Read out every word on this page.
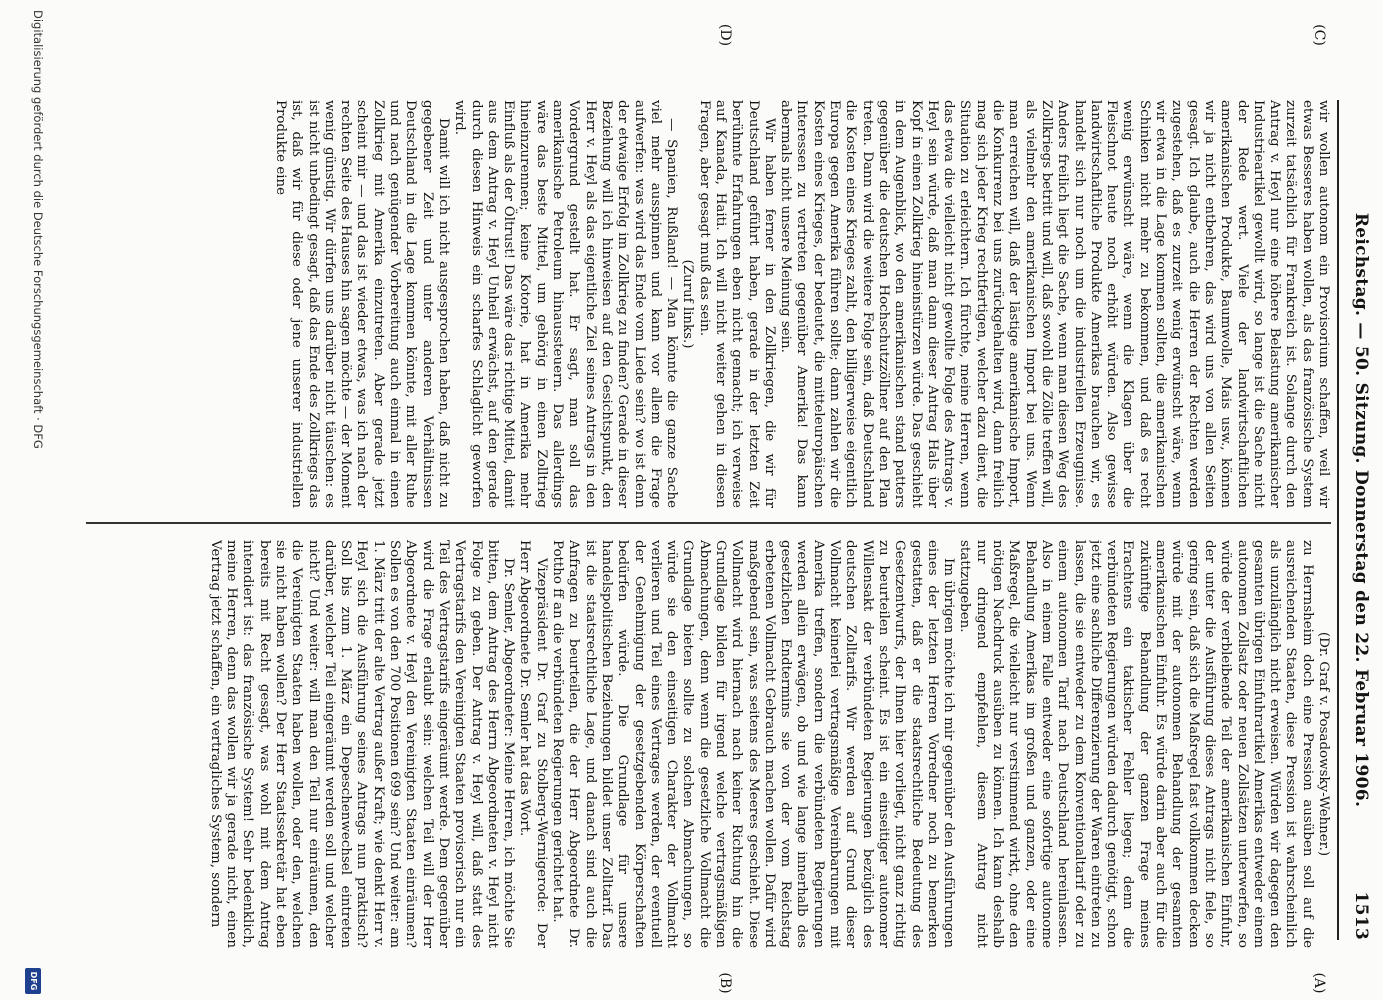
Reichstag. — 50. Sitzung. Donnerstag den 22. Februar 1906.
1513
(A)
(B)
(C)
(D)

(Dr. Graf v. Posadowsky-Wehner.)

zu Herrnsheim doch eine Pression ausüben soll auf die ausreichenden Staaten, diese Pression ist wahrscheinlich als unzulänglich nicht erweisen. Würden wir dagegen den gesamten übrigen Einfuhrartikel Amerikas entweder einem autonomen Zollsatz oder neuen Zollsätzen unterwerfen, so würde der verbleibende Teil der amerikanischen Einfuhr, der unter die Ausführung dieses Antrags nicht fiele, so gering sein, daß sich die Maßregel fast vollkommen decken würde mit der autonomen Behandlung der gesamten amerikanischen Einfuhr. Es würde darin aber auch für die zukünftige Behandlung der ganzen Frage meines Erachtens ein taktischer Fehler liegen; denn die verbündeten Regierungen würden dadurch genötigt, schon jetzt eine sachliche Differenzierung der Waren eintreten zu lassen, die sie entweder zu dem Konventionaltarif oder zu einem autonomen Tarif nach Deutschland hereinlassen. Also in einem Falle entweder eine sofortige autonome Behandlung Amerikas im großen und ganzen, oder eine Maßregel, die vielleicht nur verstimmend wirkt, ohne den nötigen Nachdruck ausüben zu können. Ich kann deshalb nur dringend empfehlen, diesem Antrag nicht stattzugeben.

Im übrigen möchte ich mir gegenüber den Ausführungen eines der letzten Herren Vorredner noch zu bemerken gestatten, daß er die staatsrechtliche Bedeutung des Gesetzentwurfs, der Ihnen hier vorliegt, nicht ganz richtig zu beurteilen scheint. Es ist ein einseitiger autonomer Willensakt der verbündeten Regierungen bezüglich des deutschen Zolltarifs. Wir werden auf Grund dieser Vollmacht keinerlei vertragsmäßige Vereinbarungen mit Amerika treffen, sondern die verbündeten Regierungen werden allein erwägen, ob und wie lange innerhalb des gesetzlichen Endtermins sie von der vom Reichstag erbetenen Vollmacht Gebrauch machen wollen. Dafür wird maßgebend sein, was seitens des Meeres geschieht. Diese Vollmacht wird hiernach nach keiner Richtung hin die Grundlage bilden für irgend welche vertragsmäßigen Abmachungen, denn wenn die gesetzliche Vollmacht die Grundlage bieten sollte zu solchen Abmachungen, so würde sie den einseitigen Charakter der Vollmacht verlieren und Teil eines Vertrages werden, der eventuell der Genehmigung der gesetzgebenden Körperschaften bedürfen würde. Die Grundlage für unsere handelspolitischen Beziehungen bildet unser Zolltarif. Das ist die staatsrechtliche Lage, und danach sind auch die Anfragen zu beurteilen, die der Herr Abgeordnete Dr. Pottho ff an die verbündeten Regierungen gerichtet hat.

Vizepräsident Dr. Graf zu Stolberg-Wernigerode: Der Herr Abgeordnete Dr. Semler hat das Wort.

Dr. Semler, Abgeordneter: Meine Herren, ich möchte Sie bitten, dem Antrag des Herrn Abgeordneten v. Heyl nicht Folge zu geben. Der Antrag v. Heyl will, daß statt des Vertragstarifs den Vereinigten Staaten provisorisch nur ein Teil des Vertragstarifs eingeräumt werde. Dem gegenüber wird die Frage erlaubt sein: welchen Teil will der Herr Abgeordnete v. Heyl den Vereinigten Staaten einräumen? Sollen es von den 700 Positionen 699 sein? Und weiter: am 1. März tritt der alte Vertrag außer Kraft; wie denkt Herr v. Heyl sich die Ausführung seines Antrags nun praktisch? Soll bis zum 1. März ein Depeschenwechsel eintreten darüber, welcher Teil eingeräumt werden soll und welcher nicht? Und weiter: will man den Teil nur einräumen, den die Vereinigten Staaten haben wollen, oder den, welchen sie nicht haben wollen? Der Herr Staatssekretär hat eben bereits mit Recht gesagt, was wohl mit dem Antrag intendiert ist: das französische System! Sehr bedenklich, meine Herren, denn das wollen wir ja gerade nicht, einen Vertrag jetzt schaffen, ein vertragliches System, sondern

wir wollen autonom ein Provisorium schaffen, weil wir etwas Besseres haben wollen, als das französische System zurzeit tatsächlich für Frankreich ist. Solange durch den Antrag v. Heyl nur eine höhere Belastung amerikanischer Industrieartikel gewollt wird, so lange ist die Sache nicht der Rede wert. Viele der landwirtschaftlichen amerikanischen Produkte, Baumwolle, Mais usw., können wir ja nicht entbehren, das wird uns von allen Seiten gesagt. Ich glaube, auch die Herren der Rechten werden zugestehen, daß es zurzeit wenig erwünscht wäre, wenn wir etwa in die Lage kommen sollten, die amerikanischen Schinken nicht mehr zu bekommen, und daß es recht wenig erwünscht wäre, wenn die Klagen über die Fleischnot heute noch erhöht würden. Also gewisse landwirtschaftliche Produkte Amerikas brauchen wir, es handelt sich nur noch um die industriellen Erzeugnisse. Anders freilich liegt die Sache, wenn man diesen Weg des Zollkriegs betritt und will, daß sowohl die Zölle treffen will, als vielmehr den amerikanischen Import bei uns. Wenn man erreichen will, daß der lästige amerikanische Import, die Konkurrenz bei uns zurückgehalten wird, dann freilich mag sich jeder Krieg rechtfertigen, welcher dazu dient, die Situation zu erleichtern. Ich fürchte, meine Herren, wenn das etwa die vielleicht nicht gewollte Folge des Antrags v. Heyl sein würde, daß man dann dieser Antrag Hals über Kopf in einen Zollkrieg hineinstürzen würde. Das geschieht in dem Augenblick, wo den amerikanischen stand patters gegenüber die deutschen Hochschutzzöllner auf den Plan treten. Dann wird die weitere Folge sein, daß Deutschland die Kosten eines Krieges zahlt, den billigerweise eigentlich Europa gegen Amerika führen sollte; dann zahlen wir die Kosten eines Krieges, der bedeutet, die mitteleuropäischen Interessen zu vertreten gegenüber Amerika! Das kann abermals nicht unsere Meinung sein.

Wir haben ferner in den Zollkriegen, die wir für Deutschland geführt haben, gerade in der letzten Zeit berühmte Erfahrungen eben nicht gemacht; ich verweise auf Kanada, Haiti. Ich will nicht weiter gehen in diesen Fragen, aber gesagt muß das sein.

(Zuruf links.)

— Spanien, Rußland! — Man könnte die ganze Sache viel mehr ausspinnen und kann vor allem die Frage aufwerfen: was wird das Ende vom Liede sein? wo ist denn der etwaige Erfolg im Zollkrieg zu finden? Gerade in dieser Beziehung will ich hinweisen auf den Gesichtspunkt, den Herr v. Heyl als das eigentliche Ziel seines Antrags in den Vordergrund gestellt hat. Er sagt, man soll das amerikanische Petroleum hinaussteuern. Das allerdings wäre das beste Mittel, um gehörig in einen Zolltrieg hineinzurennen; keine Kotorie, hat in Amerika mehr Einfluß als der Öltrust! Das wäre das richtige Mittel, damit aus dem Antrag v. Heyl Unheil erwächst, auf den gerade durch diesen Hinweis ein scharfes Schlaglicht geworfen wird.

Damit will ich nicht ausgesprochen haben, daß nicht zu gegebener Zeit und unter anderen Verhältnissen Deutschland in die Lage kommen könnte, mit aller Ruhe und nach genügender Vorbereitung auch einmal in einen Zollkrieg mit Amerika einzutreten. Aber gerade jetzt scheint mir — und das ist wieder etwas, was ich nach der rechten Seite des Hauses hin sagen möchte — der Moment wenig günstig. Wir dürfen uns darüber nicht täuschen: es ist nicht unbedingt gesagt, daß das Ende des Zollkriegs das ist, daß wir für diese oder jene unserer industriellen Produkte eine

Digitalisierung gefördert durch die Deutsche Forschungsgemeinschaft · DFG
DFG
